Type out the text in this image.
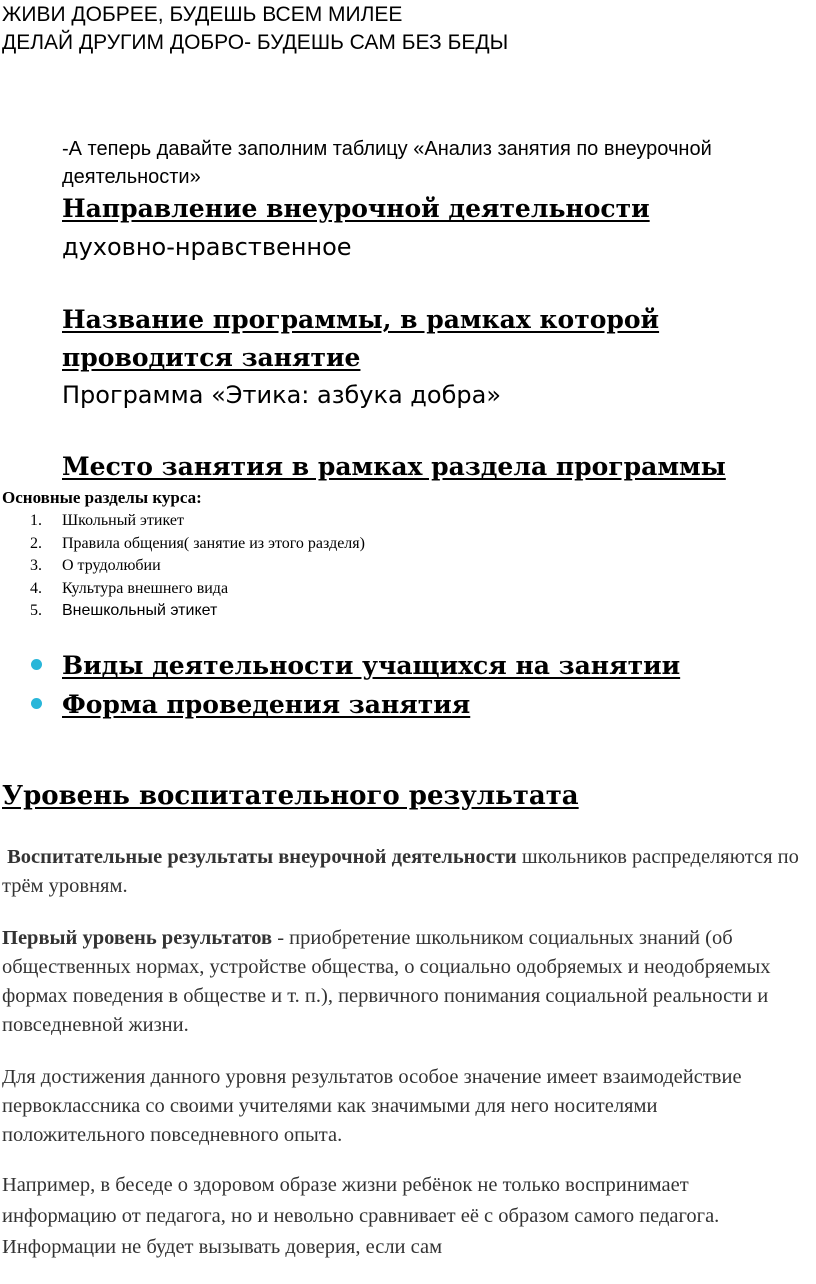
ЖИВИ ДОБРЕЕ, БУДЕШЬ ВСЕМ МИЛЕЕ
ДЕЛАЙ ДРУГИМ ДОБРО- БУДЕШЬ САМ БЕЗ БЕДЫ
-А теперь давайте заполним таблицу «Анализ занятия по внеурочной
деятельности»
Направление внеурочной деятельности
духовно-нравственное
Название программы, в рамках которой
проводится занятие
Программа «Этика: азбука добра»
Место занятия в рамках раздела программы
Основные разделы курса:
1.	Школьный этикет
2.	Правила общения( занятие из этого разделя)
3.	О трудолюбии
4.	Культура внешнего вида
5.	Внешкольный этикет
Виды деятельности учащихся на занятии
Форма проведения занятия
Уровень воспитательного результата
Воспитательные результаты внеурочной деятельности школьников распределяются по трём уровням.
Первый уровень результатов - приобретение школьником социальных знаний (об общественных нормах, устройстве общества, о социально одобряемых и неодобряемых формах поведения в обществе и т. п.), первичного понимания социальной реальности и повседневной жизни.
Для достижения данного уровня результатов особое значение имеет взаимодействие первоклассника со своими учителями как значимыми для него носителями положительного повседневного опыта.
Например, в беседе о здоровом образе жизни ребёнок не только воспринимает информацию от педагога, но и невольно сравнивает её с образом самого педагога. Информации не будет вызывать доверия, если сам
